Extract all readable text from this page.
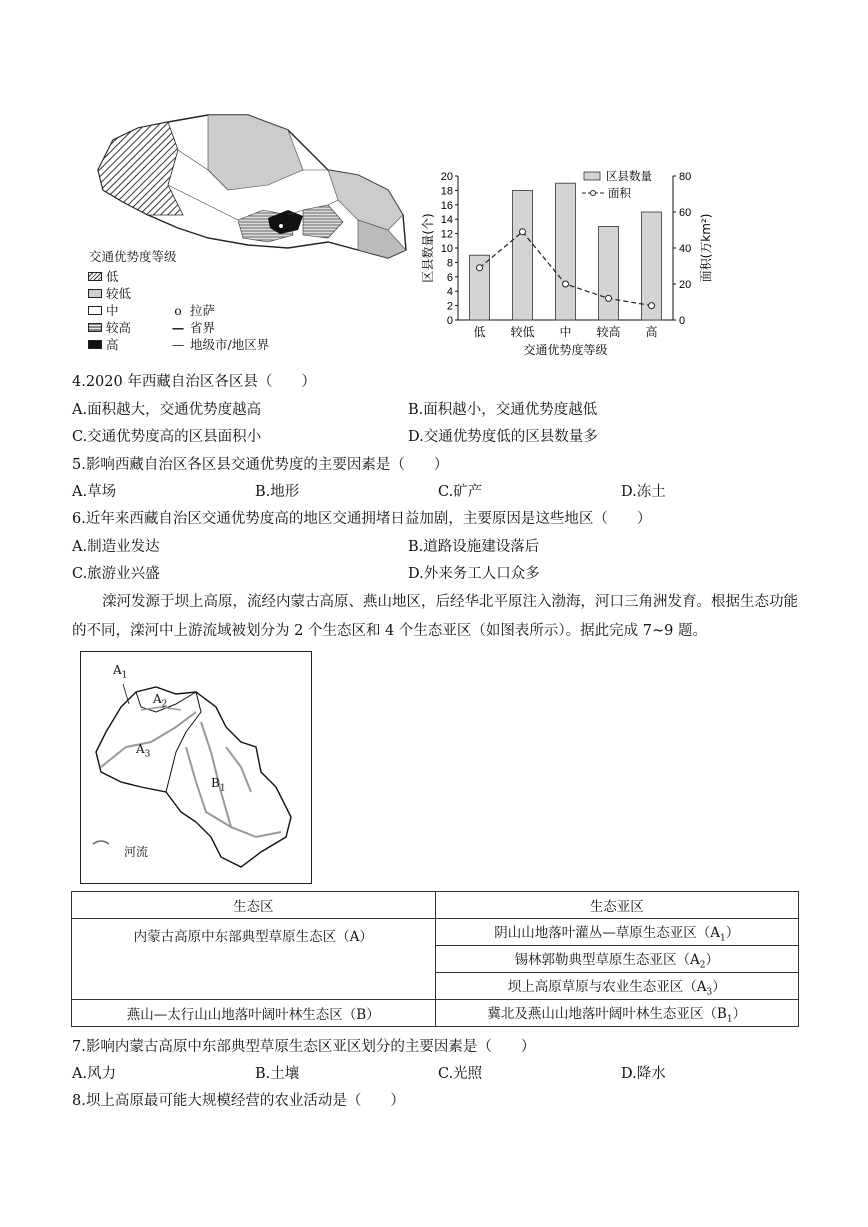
交通优势度等级
低
较低
中
较高
高
o 拉萨
— 省界
— 地级市/地区界
0
2
4
6
8
10
12
14
16
18
20
0
20
40
60
80
低 较低 中 较高 高
交通优势度等级
区县数量(个)	面积(万km²)
区县数量
面积
4.2020 年西藏自治区各区县（　　）
A.面积越大，交通优势度越高	B.面积越小，交通优势度越低
C.交通优势度高的区县面积小	D.交通优势度低的区县数量多
5.影响西藏自治区各区县交通优势度的主要因素是（　　）
A.草场	B.地形	C.矿产	D.冻土
6.近年来西藏自治区交通优势度高的地区交通拥堵日益加剧，主要原因是这些地区（　　）
A.制造业发达	B.道路设施建设落后
C.旅游业兴盛	D.外来务工人口众多
滦河发源于坝上高原，流经内蒙古高原、燕山地区，后经华北平原注入渤海，河口三角洲发育。根据生态功能的不同，滦河中上游流域被划分为 2 个生态区和 4 个生态亚区（如图表所示）。据此完成 7~9 题。
$A_1$
$A_2$
$A_3$
$B_1$
河流
生态区	生态亚区
内蒙古高原中东部典型草原生态区（A）	阴山山地落叶灌丛—草原生态亚区$(A_1)$
	锡林郭勒典型草原生态亚区$(A_2)$
	坝上高原草原与农业生态亚区$(A_3)$
燕山—太行山山地落叶阔叶林生态区（B）	冀北及燕山山地落叶阔叶林生态亚区$(B_1)$
7.影响内蒙古高原中东部典型草原生态区亚区划分的主要因素是（　　）
A.风力	B.土壤	C.光照	D.降水
8.坝上高原最可能大规模经营的农业活动是（　　）
